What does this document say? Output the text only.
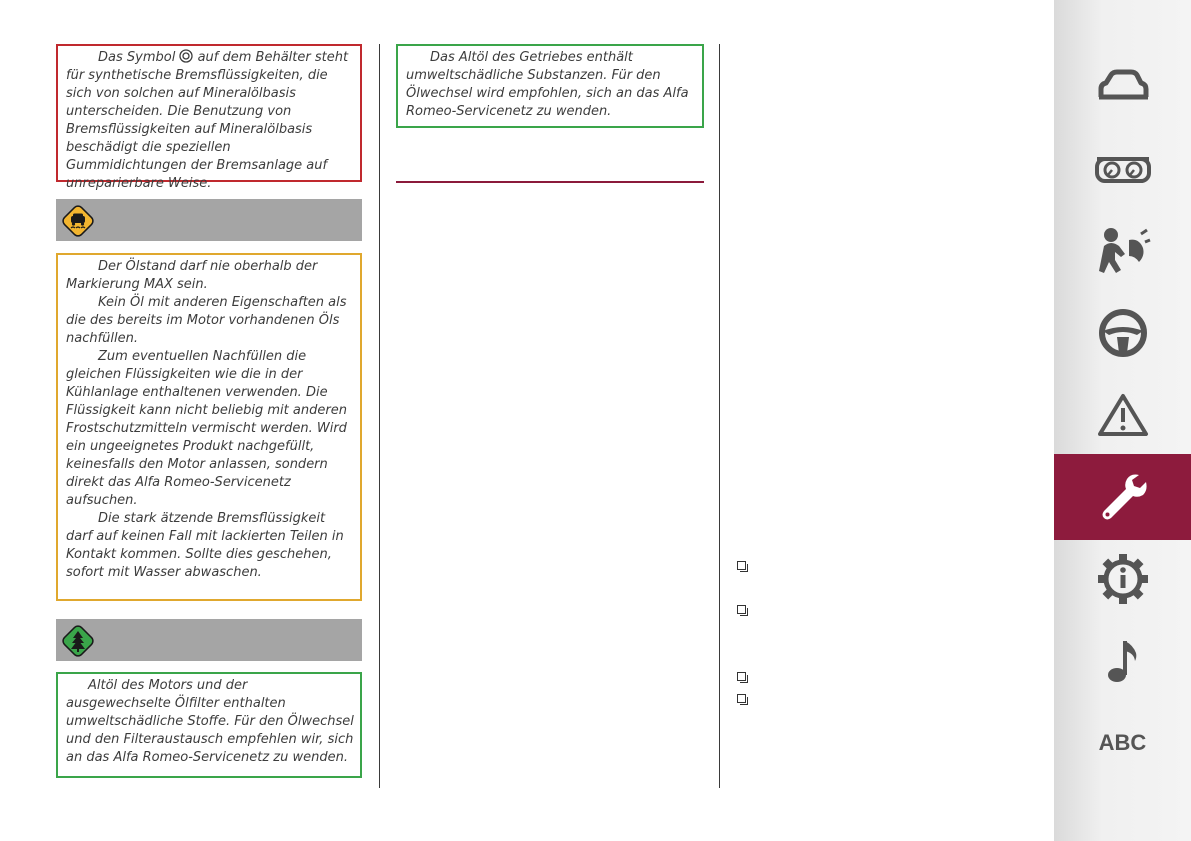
Das Symbol auf dem Behälter steht für synthetische Bremsflüssigkeiten, die sich von solchen auf Mineralölbasis unterscheiden. Die Benutzung von Bremsflüssigkeiten auf Mineralölbasis beschädigt die speziellen Gummidichtungen der Bremsanlage auf unreparierbare Weise.

Der Ölstand darf nie oberhalb der Markierung MAX sein.

Kein Öl mit anderen Eigenschaften als die des bereits im Motor vorhandenen Öls nachfüllen.

Zum eventuellen Nachfüllen die gleichen Flüssigkeiten wie die in der Kühlanlage enthaltenen verwenden. Die Flüssigkeit kann nicht beliebig mit anderen Frostschutzmitteln vermischt werden. Wird ein ungeeignetes Produkt nachgefüllt, keinesfalls den Motor anlassen, sondern direkt das Alfa Romeo-Servicenetz aufsuchen.

Die stark ätzende Bremsflüssigkeit darf auf keinen Fall mit lackierten Teilen in Kontakt kommen. Sollte dies geschehen, sofort mit Wasser abwaschen.

Altöl des Motors und der ausgewechselte Ölfilter enthalten umweltschädliche Stoffe. Für den Ölwechsel und den Filteraustausch empfehlen wir, sich an das Alfa Romeo-Servicenetz zu wenden.

Das Altöl des Getriebes enthält umweltschädliche Substanzen. Für den Ölwechsel wird empfohlen, sich an das Alfa Romeo-Servicenetz zu wenden.

ABC
